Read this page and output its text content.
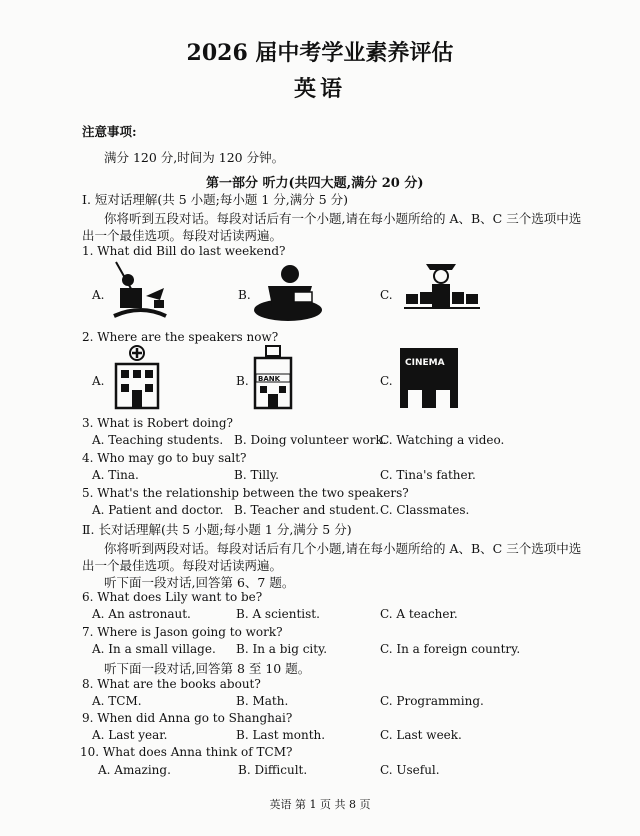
2026 届中考学业素养评估
英语
注意事项:
满分 120 分,时间为 120 分钟。
第一部分 听力(共四大题,满分 20 分)
Ⅰ. 短对话理解(共 5 小题;每小题 1 分,满分 5 分)
你将听到五段对话。每段对话后有一个小题,请在每小题所给的 A、B、C 三个选项中选
出一个最佳选项。每段对话读两遍。
1. What did Bill do last weekend?
A.	B.	C.
2. Where are the speakers now?
A.	B. BANK	C.
CINEMA
3. What is Robert doing?
A. Teaching students. B. Doing volunteer work.
C. Watching a video.
4. Who may go to buy salt?
A. Tina.	B. Tilly.	C. Tina's father.
5. What's the relationship between the two speakers?
A. Patient and doctor. B. Teacher and student. C. Classmates.
Ⅱ. 长对话理解(共 5 小题;每小题 1 分,满分 5 分)
你将听到两段对话。每段对话后有几个小题,请在每小题所给的 A、B、C 三个选项中选
出一个最佳选项。每段对话读两遍。
听下面一段对话,回答第 6、7 题。
6. What does Lily want to be?
A. An astronaut.	B. A scientist.	C. A teacher.
7. Where is Jason going to work?
A. In a small village. B. In a big city.	C. In a foreign country.
听下面一段对话,回答第 8 至 10 题。
8. What are the books about?
A. TCM.	B. Math.	C. Programming.
9. When did Anna go to Shanghai?
A. Last year.	B. Last month.	C. Last week.
10. What does Anna think of TCM?
A. Amazing.	B. Difficult.	C. Useful.
英语 第 1 页 共 8 页
